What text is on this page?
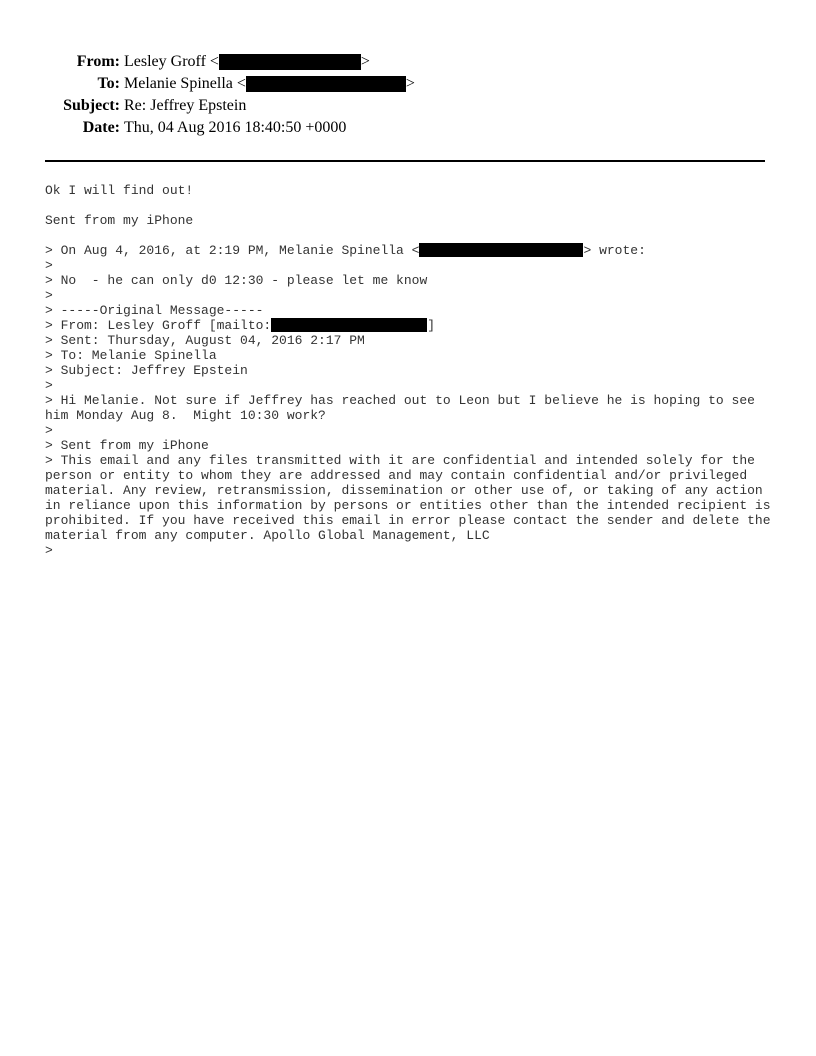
From: Lesley Groff <	>
To: Melanie Spinella <	>
Subject: Re: Jeffrey Epstein
Date: Thu, 04 Aug 2016 18:40:50 +0000
Ok I will find out!
Sent from my iPhone
> On Aug 4, 2016, at 2:19 PM, Melanie Spinella <	> wrote:
>
> No  - he can only d0 12:30 - please let me know
>
> -----Original Message-----
> From: Lesley Groff [mailto:	]
> Sent: Thursday, August 04, 2016 2:17 PM
> To: Melanie Spinella
> Subject: Jeffrey Epstein
>
> Hi Melanie. Not sure if Jeffrey has reached out to Leon but I believe he is hoping to see
him Monday Aug 8.  Might 10:30 work?
>
> Sent from my iPhone
> This email and any files transmitted with it are confidential and intended solely for the
person or entity to whom they are addressed and may contain confidential and/or privileged
material. Any review, retransmission, dissemination or other use of, or taking of any action
in reliance upon this information by persons or entities other than the intended recipient is
prohibited. If you have received this email in error please contact the sender and delete the
material from any computer. Apollo Global Management, LLC
>
